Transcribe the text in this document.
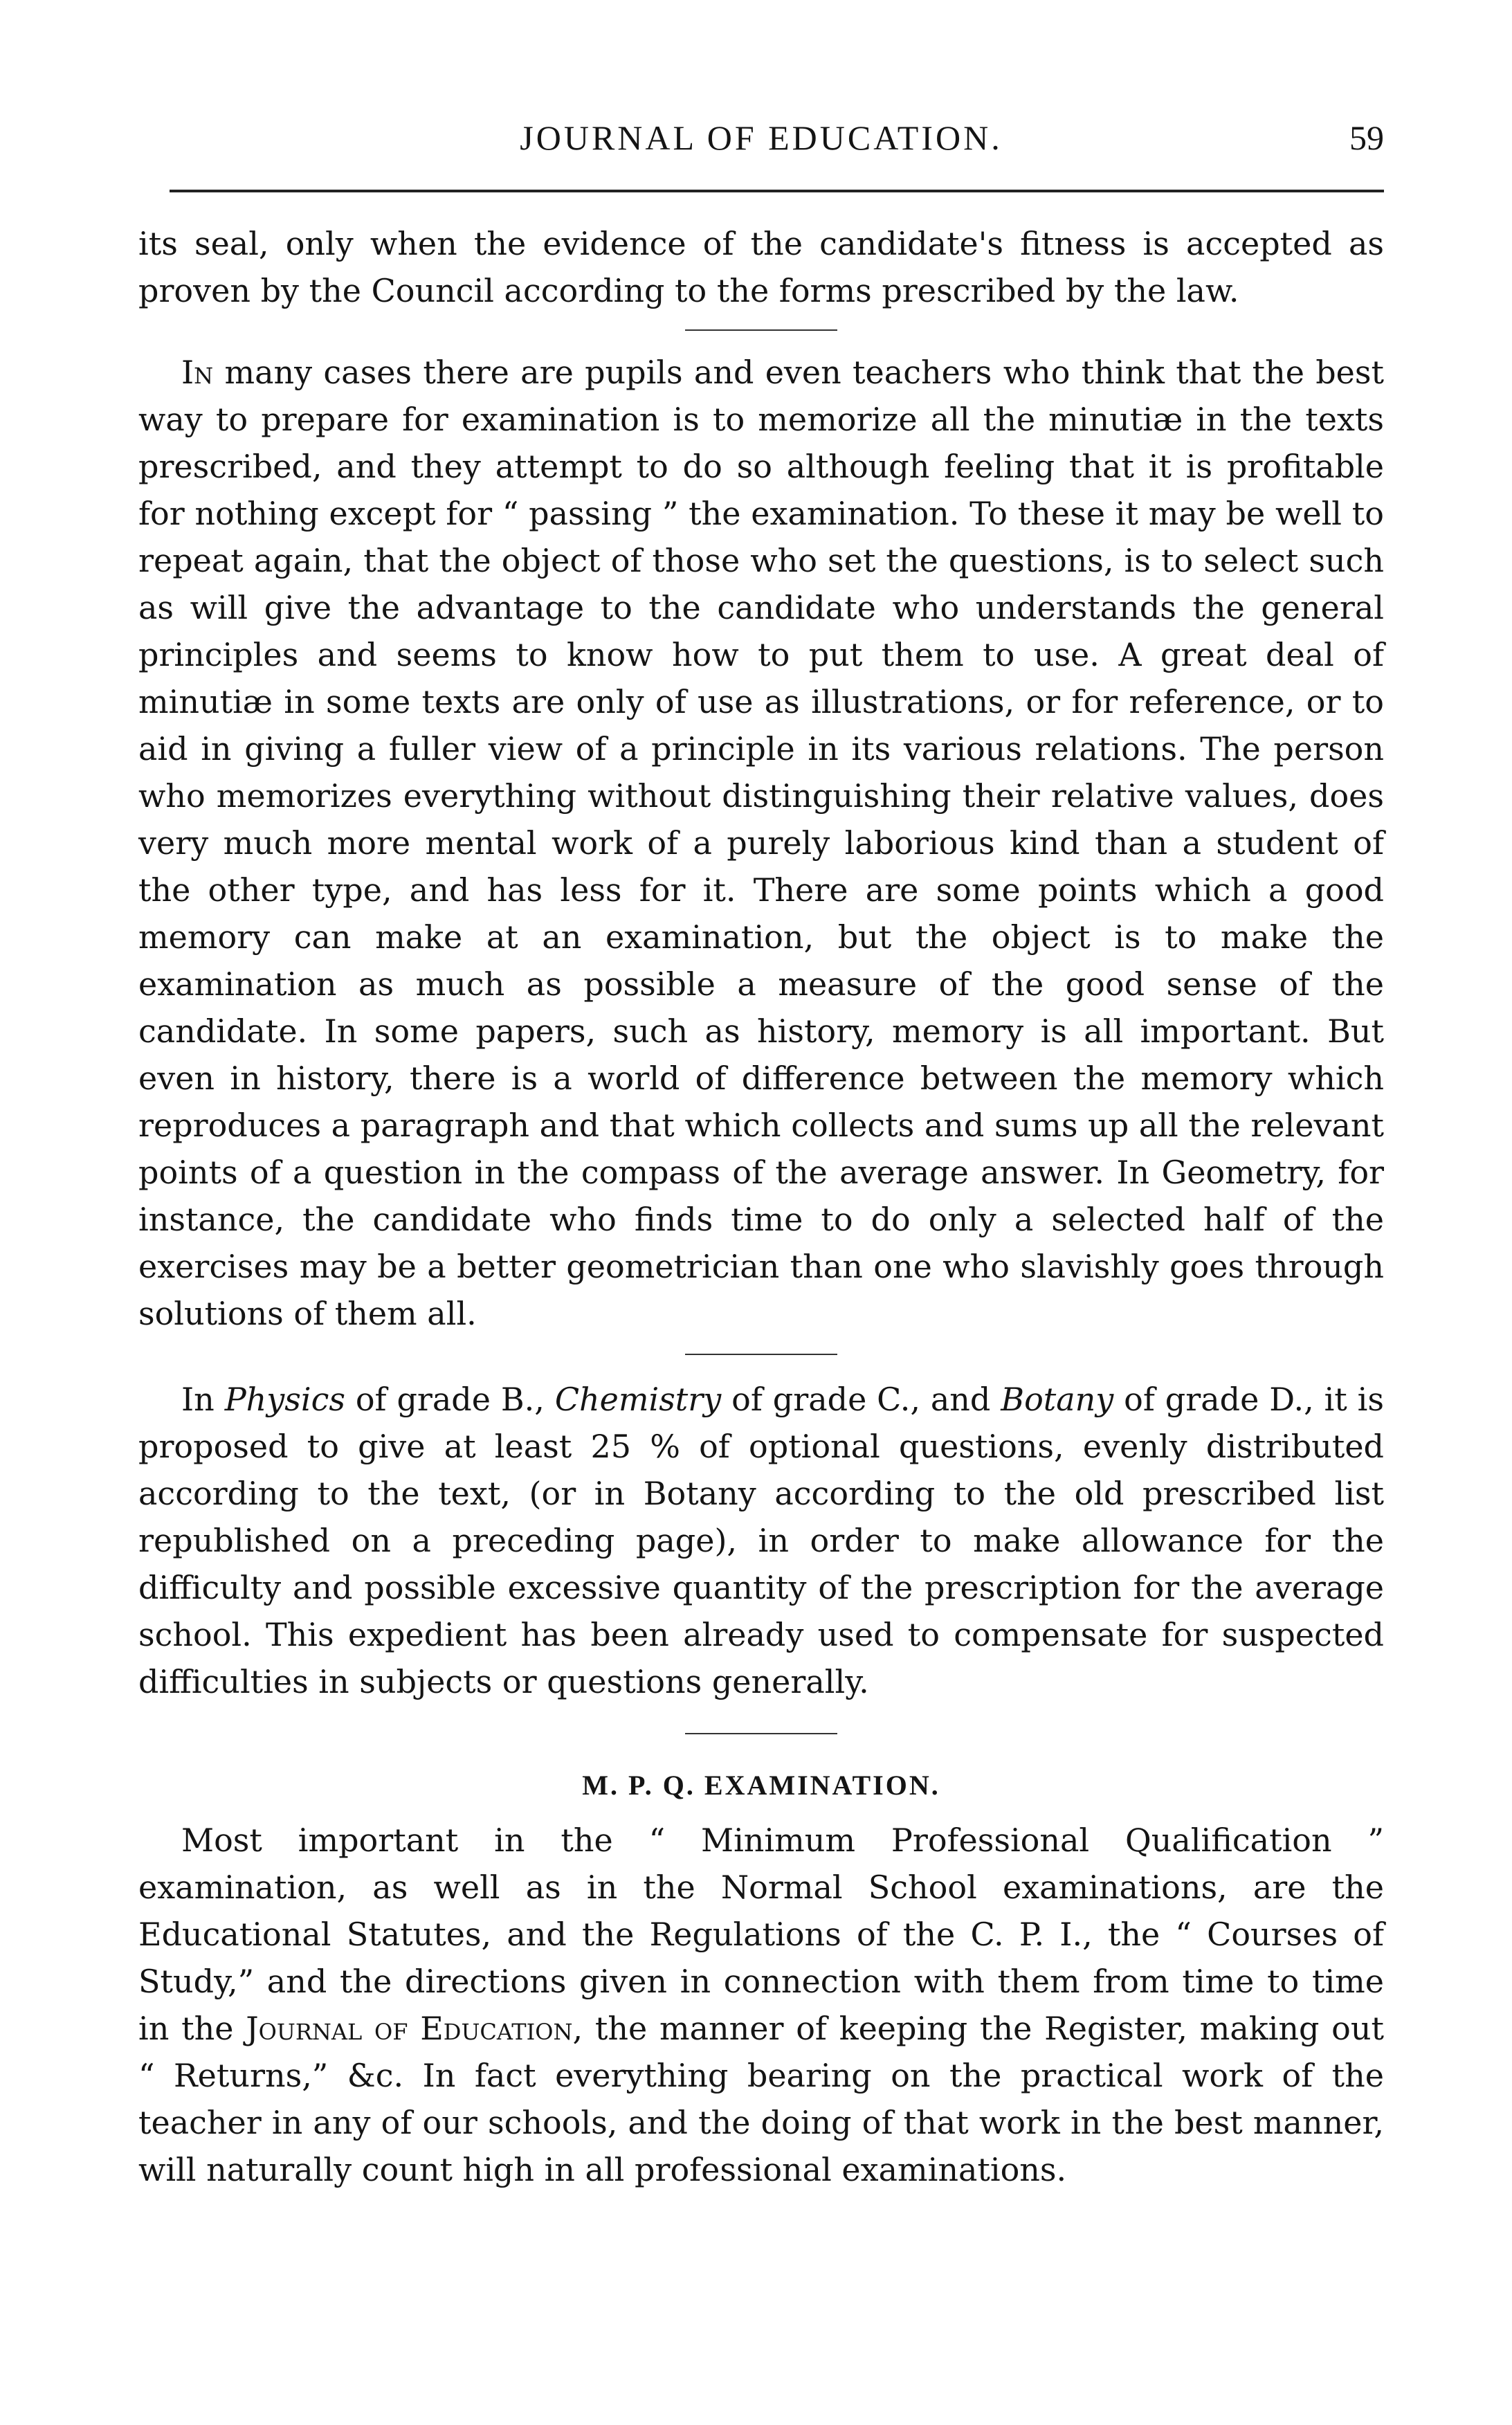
JOURNAL OF EDUCATION.	59

its seal, only when the evidence of the candidate's fitness is accepted as proven by the Council according to the forms prescribed by the law.

In many cases there are pupils and even teachers who think that the best way to prepare for examination is to memorize all the minutiæ in the texts prescribed, and they attempt to do so although feeling that it is profitable for nothing except for “ passing ” the examination. To these it may be well to repeat again, that the object of those who set the questions, is to select such as will give the advantage to the candidate who understands the general principles and seems to know how to put them to use. A great deal of minutiæ in some texts are only of use as illustrations, or for reference, or to aid in giving a fuller view of a principle in its various relations. The person who memorizes everything without distinguishing their relative values, does very much more mental work of a purely laborious kind than a student of the other type, and has less for it. There are some points which a good memory can make at an examination, but the object is to make the examination as much as possible a measure of the good sense of the candidate. In some papers, such as history, memory is all important. But even in history, there is a world of difference between the memory which reproduces a paragraph and that which collects and sums up all the relevant points of a question in the compass of the average answer. In Geometry, for instance, the candidate who finds time to do only a selected half of the exercises may be a better geometrician than one who slavishly goes through solutions of them all.

In Physics of grade B., Chemistry of grade C., and Botany of grade D., it is proposed to give at least 25 % of optional questions, evenly distributed according to the text, (or in Botany according to the old prescribed list republished on a preceding page), in order to make allowance for the difficulty and possible excessive quantity of the prescription for the average school. This expedient has been already used to compensate for suspected difficulties in subjects or questions generally.

M. P. Q. EXAMINATION.

Most important in the “ Minimum Professional Qualification ” examination, as well as in the Normal School examinations, are the Educational Statutes, and the Regulations of the C. P. I., the “ Courses of Study,” and the directions given in connection with them from time to time in the Journal of Education, the manner of keeping the Register, making out “ Returns,” &c. In fact everything bearing on the practical work of the teacher in any of our schools, and the doing of that work in the best manner, will naturally count high in all professional examinations.
